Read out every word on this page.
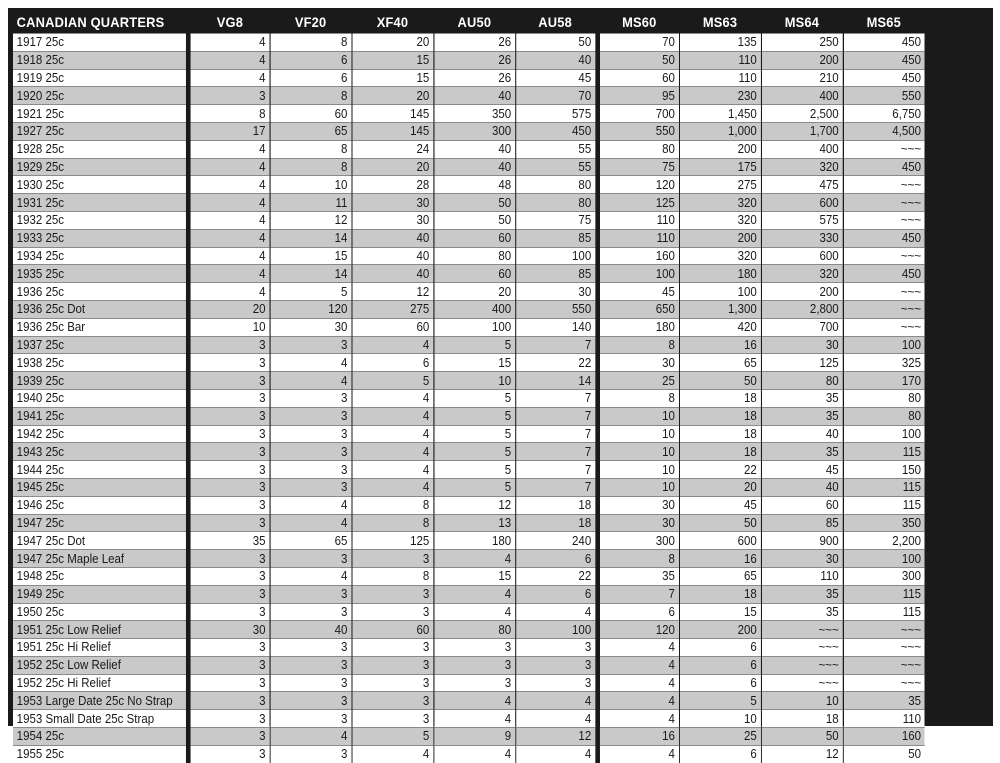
CANADIAN QUARTERS	VG8	VF20	XF40	AU50	AU58	MS60	MS63	MS64	MS65
1917 25c	4	8	20	26	50	70	135	250	450
1918 25c	4	6	15	26	40	50	110	200	450
1919 25c	4	6	15	26	45	60	110	210	450
1920 25c	3	8	20	40	70	95	230	400	550
1921 25c	8	60	145	350	575	700	1,450	2,500	6,750
1927 25c	17	65	145	300	450	550	1,000	1,700	4,500
1928 25c	4	8	24	40	55	80	200	400	~~~
1929 25c	4	8	20	40	55	75	175	320	450
1930 25c	4	10	28	48	80	120	275	475	~~~
1931 25c	4	11	30	50	80	125	320	600	~~~
1932 25c	4	12	30	50	75	110	320	575	~~~
1933 25c	4	14	40	60	85	110	200	330	450
1934 25c	4	15	40	80	100	160	320	600	~~~
1935 25c	4	14	40	60	85	100	180	320	450
1936 25c	4	5	12	20	30	45	100	200	~~~
1936 25c Dot	20	120	275	400	550	650	1,300	2,800	~~~
1936 25c Bar	10	30	60	100	140	180	420	700	~~~
1937 25c	3	3	4	5	7	8	16	30	100
1938 25c	3	4	6	15	22	30	65	125	325
1939 25c	3	4	5	10	14	25	50	80	170
1940 25c	3	3	4	5	7	8	18	35	80
1941 25c	3	3	4	5	7	10	18	35	80
1942 25c	3	3	4	5	7	10	18	40	100
1943 25c	3	3	4	5	7	10	18	35	115
1944 25c	3	3	4	5	7	10	22	45	150
1945 25c	3	3	4	5	7	10	20	40	115
1946 25c	3	4	8	12	18	30	45	60	115
1947 25c	3	4	8	13	18	30	50	85	350
1947 25c Dot	35	65	125	180	240	300	600	900	2,200
1947 25c Maple Leaf	3	3	3	4	6	8	16	30	100
1948 25c	3	4	8	15	22	35	65	110	300
1949 25c	3	3	3	4	6	7	18	35	115
1950 25c	3	3	3	4	4	6	15	35	115
1951 25c Low Relief	30	40	60	80	100	120	200	~~~	~~~
1951 25c Hi Relief	3	3	3	3	3	4	6	~~~	~~~
1952 25c Low Relief	3	3	3	3	3	4	6	~~~	~~~
1952 25c Hi Relief	3	3	3	3	3	4	6	~~~	~~~
1953 Large Date 25c No Strap	3	3	3	4	4	4	5	10	35
1953 Small Date 25c Strap	3	3	3	4	4	4	10	18	110
1954 25c	3	4	5	9	12	16	25	50	160
1955 25c	3	3	4	4	4	4	6	12	50
